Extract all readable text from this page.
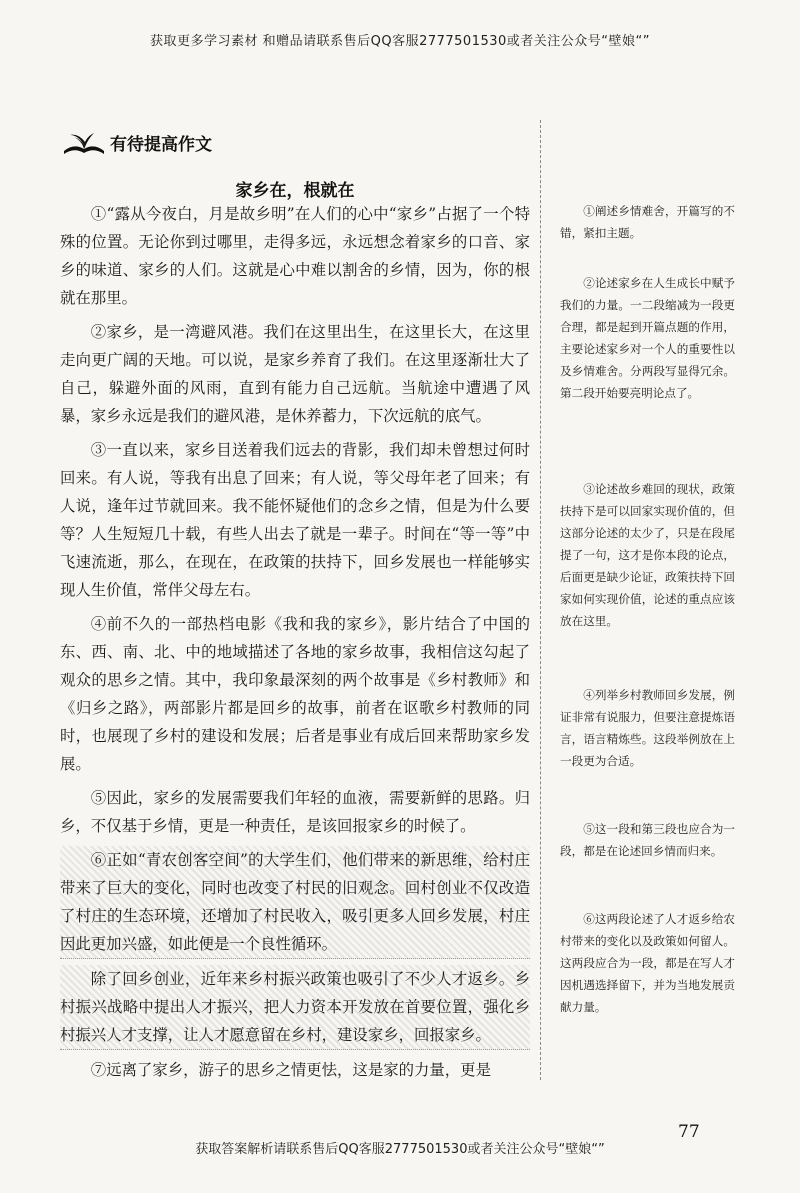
获取更多学习素材 和赠品请联系售后QQ客服2777501530或者关注公众号“壁娘“”
有待提高作文
家乡在，根就在

①“露从今夜白，月是故乡明”在人们的心中“家乡”占据了一个特殊的位置。无论你到过哪里，走得多远，永远想念着家乡的口音、家乡的味道、家乡的人们。这就是心中难以割舍的乡情，因为，你的根就在那里。

②家乡，是一湾避风港。我们在这里出生，在这里长大，在这里走向更广阔的天地。可以说，是家乡养育了我们。在这里逐渐壮大了自己，躲避外面的风雨，直到有能力自己远航。当航途中遭遇了风暴，家乡永远是我们的避风港，是休养蓄力，下次远航的底气。

③一直以来，家乡目送着我们远去的背影，我们却未曾想过何时回来。有人说，等我有出息了回来；有人说，等父母年老了回来；有人说，逢年过节就回来。我不能怀疑他们的念乡之情，但是为什么要等？人生短短几十载，有些人出去了就是一辈子。时间在“等一等”中飞速流逝，那么，在现在，在政策的扶持下，回乡发展也一样能够实现人生价值，常伴父母左右。

④前不久的一部热档电影《我和我的家乡》，影片结合了中国的东、西、南、北、中的地域描述了各地的家乡故事，我相信这勾起了观众的思乡之情。其中，我印象最深刻的两个故事是《乡村教师》和《归乡之路》，两部影片都是回乡的故事，前者在讴歌乡村教师的同时，也展现了乡村的建设和发展；后者是事业有成后回来帮助家乡发展。

⑤因此，家乡的发展需要我们年轻的血液，需要新鲜的思路。归乡，不仅基于乡情，更是一种责任，是该回报家乡的时候了。

⑥正如“青农创客空间”的大学生们，他们带来的新思维，给村庄带来了巨大的变化，同时也改变了村民的旧观念。回村创业不仅改造了村庄的生态环境，还增加了村民收入，吸引更多人回乡发展，村庄因此更加兴盛，如此便是一个良性循环。

除了回乡创业，近年来乡村振兴政策也吸引了不少人才返乡。乡村振兴战略中提出人才振兴，把人力资本开发放在首要位置，强化乡村振兴人才支撑，让人才愿意留在乡村，建设家乡，回报家乡。

⑦远离了家乡，游子的思乡之情更怯，这是家的力量，更是

①阐述乡情难舍，开篇写的不错，紧扣主题。
②论述家乡在人生成长中赋予我们的力量。一二段缩减为一段更合理，都是起到开篇点题的作用，主要论述家乡对一个人的重要性以及乡情难舍。分两段写显得冗余。第二段开始要亮明论点了。
③论述故乡难回的现状，政策扶持下是可以回家实现价值的，但这部分论述的太少了，只是在段尾提了一句，这才是你本段的论点，后面更是缺少论证，政策扶持下回家如何实现价值，论述的重点应该放在这里。
④列举乡村教师回乡发展，例证非常有说服力，但要注意提炼语言，语言精炼些。这段举例放在上一段更为合适。
⑤这一段和第三段也应合为一段，都是在论述回乡情而归来。
⑥这两段论述了人才返乡给农村带来的变化以及政策如何留人。这两段应合为一段，都是在写人才因机遇选择留下，并为当地发展贡献力量。
77
获取答案解析请联系售后QQ客服2777501530或者关注公众号“壁娘“”
